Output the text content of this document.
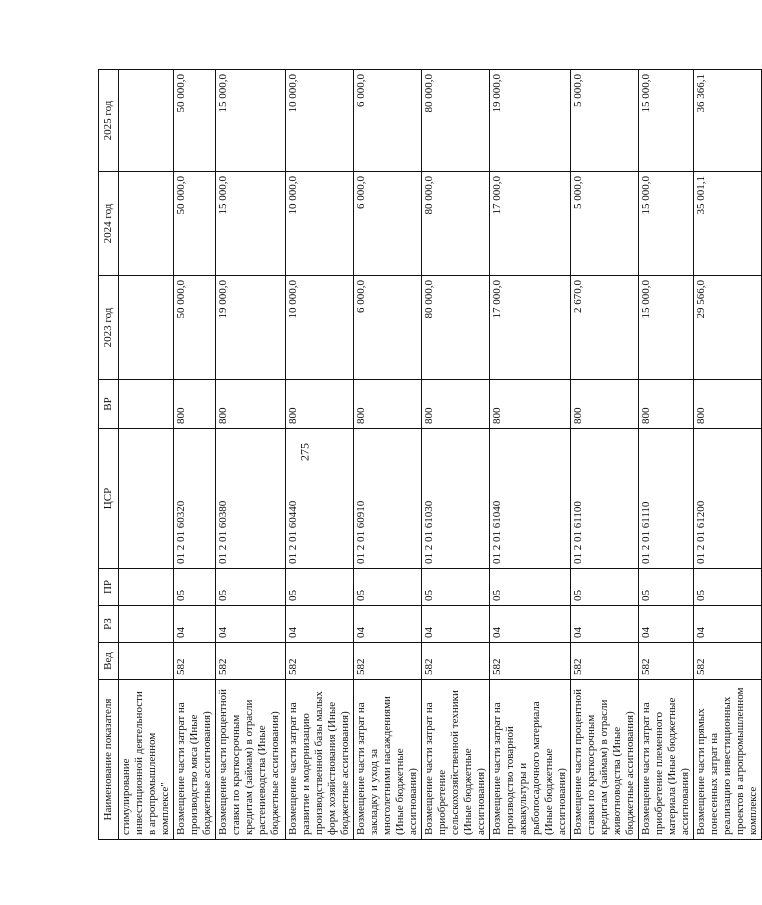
275
Наименование показателя	Вед	РЗ	ПР	ЦСР	ВР	2023 год	2024 год	2025 год
стимулирование инвестиционной деятельности в агропромышленном комплексе"								
Возмещение части затрат на производство мяса (Иные бюджетные ассигнования)	582	04	05	01 2 01 60320	800	50 000,0	50 000,0	50 000,0
Возмещение части процентной ставки по краткосрочным кредитам (займам) в отрасли растениеводства (Иные бюджетные ассигнования)	582	04	05	01 2 01 60380	800	19 000,0	15 000,0	15 000,0
Возмещение части затрат на развитие и модернизацию производственной базы малых форм хозяйствования (Иные бюджетные ассигнования)	582	04	05	01 2 01 60440	800	10 000,0	10 000,0	10 000,0
Возмещение части затрат на закладку и уход за многолетними насаждениями (Иные бюджетные ассигнования)	582	04	05	01 2 01 60910	800	6 000,0	6 000,0	6 000,0
Возмещение части затрат на приобретение сельскохозяйственной техники (Иные бюджетные ассигнования)	582	04	05	01 2 01 61030	800	80 000,0	80 000,0	80 000,0
Возмещение части затрат на производство товарной аквакультуры и рыбопосадочного материала (Иные бюджетные ассигнования)	582	04	05	01 2 01 61040	800	17 000,0	17 000,0	19 000,0
Возмещение части процентной ставки по краткосрочным кредитам (займам) в отрасли животноводства (Иные бюджетные ассигнования)	582	04	05	01 2 01 61100	800	2 670,0	5 000,0	5 000,0
Возмещение части затрат на приобретение племенного материала (Иные бюджетные ассигнования)	582	04	05	01 2 01 61110	800	15 000,0	15 000,0	15 000,0
Возмещение части прямых понесенных затрат на реализацию инвестиционных проектов в агропромышленном комплексе	582	04	05	01 2 01 61200	800	29 566,0	35 001,1	36 366,1
